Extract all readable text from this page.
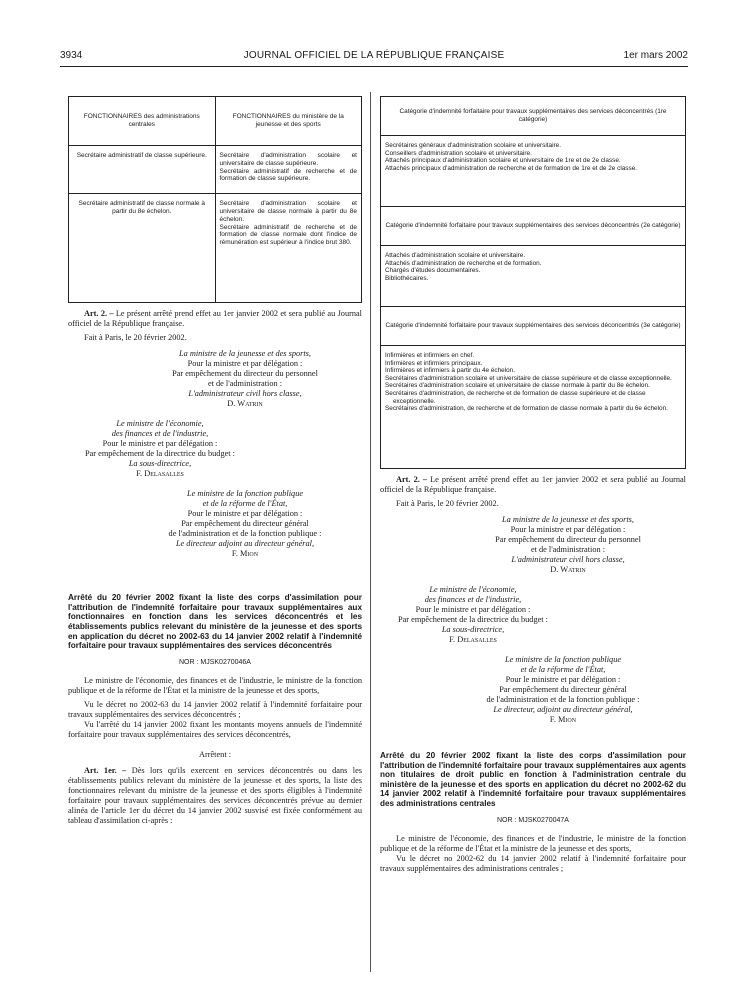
3934	JOURNAL OFFICIEL DE LA RÉPUBLIQUE FRANÇAISE	1er mars 2002
FONCTIONNAIRES des administrations centrales	FONCTIONNAIRES du ministère de la jeunesse et des sports
Secrétaire administratif de classe supérieure.	Secrétaire d'administration scolaire et universitaire de classe supérieure.
Secrétaire administratif de recherche et de formation de classe supérieure.

Secrétaire administratif de classe normale à partir du 8e échelon.	Secrétaire d'administration scolaire et universitaire de classe normale à partir du 8e échelon.
Secrétaire administratif de recherche et de formation de classe normale dont l'indice de rémunération est supérieur à l'indice brut 380.

Art. 2. – Le présent arrêté prend effet au 1er janvier 2002 et sera publié au Journal officiel de la République française.

Fait à Paris, le 20 février 2002.

La ministre de la jeunesse et des sports,
Pour la ministre et par délégation :
Par empêchement du directeur du personnel
et de l'administration :
L'administrateur civil hors classe,
D. Watrin
Le ministre de l'économie,
des finances et de l'industrie,
Pour le ministre et par délégation :
Par empêchement de la directrice du budget :
La sous-directrice,
F. Delasalles
Le ministre de la fonction publique
et de la réforme de l'État,
Pour le ministre et par délégation :
Par empêchement du directeur général
de l'administration et de la fonction publique :
Le directeur adjoint au directeur général,
F. Mion

Arrêté du 20 février 2002 fixant la liste des corps d'assimilation pour l'attribution de l'indemnité forfaitaire pour travaux supplémentaires aux fonctionnaires en fonction dans les services déconcentrés et les établissements publics relevant du ministère de la jeunesse et des sports en application du décret no 2002-63 du 14 janvier 2002 relatif à l'indemnité forfaitaire pour travaux supplémentaires des services déconcentrés

NOR : MJSK0270046A

Le ministre de l'économie, des finances et de l'industrie, le ministre de la fonction publique et de la réforme de l'État et la ministre de la jeunesse et des sports,

Vu le décret no 2002-63 du 14 janvier 2002 relatif à l'indemnité forfaitaire pour travaux supplémentaires des services déconcentrés ;

Vu l'arrêté du 14 janvier 2002 fixant les montants moyens annuels de l'indemnité forfaitaire pour travaux supplémentaires des services déconcentrés,

Arrêtent :

Art. 1er. – Dès lors qu'ils exercent en services déconcentrés ou dans les établissements publics relevant du ministère de la jeunesse et des sports, la liste des fonctionnaires relevant du ministre de la jeunesse et des sports éligibles à l'indemnité forfaitaire pour travaux supplémentaires des services déconcentrés prévue au dernier alinéa de l'article 1er du décret du 14 janvier 2002 susvisé est fixée conformément au tableau d'assimilation ci-après :

Catégorie d'indemnité forfaitaire pour travaux supplémentaires des services déconcentrés (1re catégorie)
Secrétaires généraux d'administration scolaire et universitaire.
Conseillers d'administration scolaire et universitaire.
Attachés principaux d'administration scolaire et universitaire de 1re et de 2e classe.
Attachés principaux d'administration de recherche et de formation de 1re et de 2e classe.
Catégorie d'indemnité forfaitaire pour travaux supplémentaires des services déconcentrés (2e catégorie)
Attachés d'administration scolaire et universitaire.
Attachés d'administration de recherche et de formation.
Chargés d'études documentaires.
Bibliothécaires.
Catégorie d'indemnité forfaitaire pour travaux supplémentaires des services déconcentrés (3e catégorie)
Infirmières et infirmiers en chef.
Infirmières et infirmiers principaux.
Infirmières et infirmiers à partir du 4e échelon.
Secrétaires d'administration scolaire et universitaire de classe supérieure et de classe exceptionnelle.
Secrétaires d'administration scolaire et universitaire de classe normale à partir du 8e échelon.
Secrétaires d'administration, de recherche et de formation de classe supérieure et de classe exceptionnelle.
Secrétaires d'administration, de recherche et de formation de classe normale à partir du 6e échelon.

Art. 2. – Le présent arrêté prend effet au 1er janvier 2002 et sera publié au Journal officiel de la République française.

Fait à Paris, le 20 février 2002.

La ministre de la jeunesse et des sports,
Pour la ministre et par délégation :
Par empêchement du directeur du personnel
et de l'administration :
L'administrateur civil hors classe,
D. Watrin
Le ministre de l'économie,
des finances et de l'industrie,
Pour le ministre et par délégation :
Par empêchement de la directrice du budget :
La sous-directrice,
F. Delasalles
Le ministre de la fonction publique
et de la réforme de l'État,
Pour le ministre et par délégation :
Par empêchement du directeur général
de l'administration et de la fonction publique :
Le directeur, adjoint au directeur général,
F. Mion

Arrêté du 20 février 2002 fixant la liste des corps d'assimilation pour l'attribution de l'indemnité forfaitaire pour travaux supplémentaires aux agents non titulaires de droit public en fonction à l'administration centrale du ministère de la jeunesse et des sports en application du décret no 2002-62 du 14 janvier 2002 relatif à l'indemnité forfaitaire pour travaux supplémentaires des administrations centrales

NOR : MJSK0270047A

Le ministre de l'économie, des finances et de l'industrie, le ministre de la fonction publique et de la réforme de l'État et la ministre de la jeunesse et des sports,

Vu le décret no 2002-62 du 14 janvier 2002 relatif à l'indemnité forfaitaire pour travaux supplémentaires des administrations centrales ;
